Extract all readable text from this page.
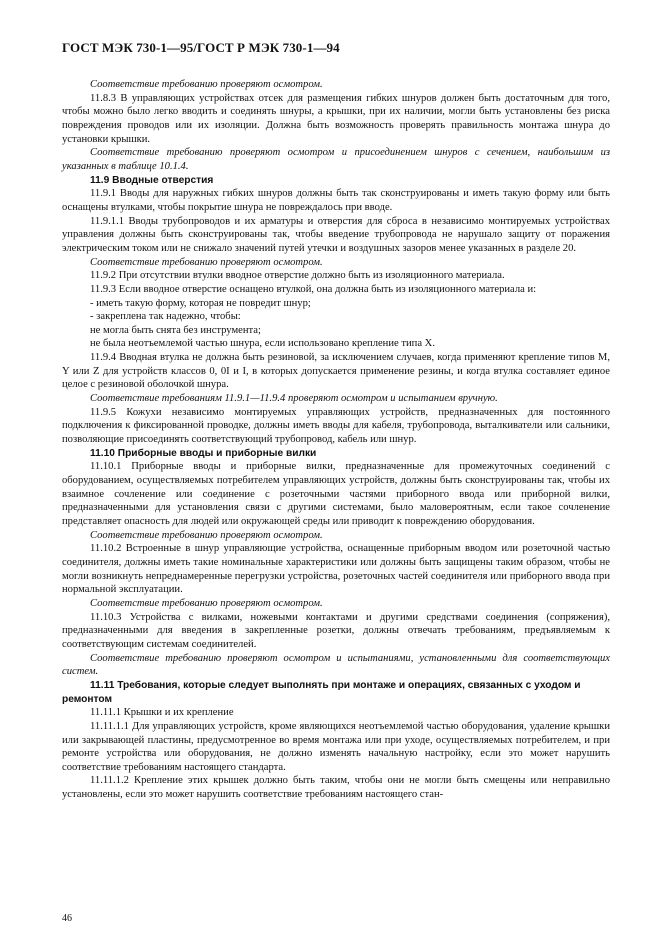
ГОСТ МЭК 730-1—95/ГОСТ Р МЭК 730-1—94

Соответствие требованию проверяют осмотром.

11.8.3 В управляющих устройствах отсек для размещения гибких шнуров должен быть достаточным для того, чтобы можно было легко вводить и соединять шнуры, а крышки, при их наличии, могли быть установлены без риска повреждения проводов или их изоляции. Должна быть возможность проверять правильность монтажа шнура до установки крышки.

Соответствие требованию проверяют осмотром и присоединением шнуров с сечением, наибольшим из указанных в таблице 10.1.4.

11.9 Вводные отверстия

11.9.1 Вводы для наружных гибких шнуров должны быть так сконструированы и иметь такую форму или быть оснащены втулками, чтобы покрытие шнура не повреждалось при вводе.

11.9.1.1 Вводы трубопроводов и их арматуры и отверстия для сброса в независимо монтируемых устройствах управления должны быть сконструированы так, чтобы введение трубопровода не нарушало защиту от поражения электрическим током или не снижало значений путей утечки и воздушных зазоров менее указанных в разделе 20.

Соответствие требованию проверяют осмотром.

11.9.2 При отсутствии втулки вводное отверстие должно быть из изоляционного материала.

11.9.3 Если вводное отверстие оснащено втулкой, она должна быть из изоляционного материала и:

- иметь такую форму, которая не повредит шнур;

- закреплена так надежно, чтобы:

не могла быть снята без инструмента;

не была неотъемлемой частью шнура, если использовано крепление типа X.

11.9.4 Вводная втулка не должна быть резиновой, за исключением случаев, когда применяют крепление типов M, Y или Z для устройств классов 0, 0I и I, в которых допускается применение резины, и когда втулка составляет единое целое с резиновой оболочкой шнура.

Соответствие требованиям 11.9.1—11.9.4 проверяют осмотром и испытанием вручную.

11.9.5 Кожухи независимо монтируемых управляющих устройств, предназначенных для постоянного подключения к фиксированной проводке, должны иметь вводы для кабеля, трубопровода, выталкиватели или сальники, позволяющие присоединять соответствующий трубопровод, кабель или шнур.

11.10 Приборные вводы и приборные вилки

11.10.1 Приборные вводы и приборные вилки, предназначенные для промежуточных соединений с оборудованием, осуществляемых потребителем управляющих устройств, должны быть сконструированы так, чтобы их взаимное сочленение или соединение с розеточными частями приборного ввода или приборной вилки, предназначенными для установления связи с другими системами, было маловероятным, если такое сочленение представляет опасность для людей или окружающей среды или приводит к повреждению оборудования.

Соответствие требованию проверяют осмотром.

11.10.2 Встроенные в шнур управляющие устройства, оснащенные приборным вводом или розеточной частью соединителя, должны иметь такие номинальные характеристики или должны быть защищены таким образом, чтобы не могли возникнуть непреднамеренные перегрузки устройства, розеточных частей соединителя или приборного ввода при нормальной эксплуатации.

Соответствие требованию проверяют осмотром.

11.10.3 Устройства с вилками, ножевыми контактами и другими средствами соединения (сопряжения), предназначенными для введения в закрепленные розетки, должны отвечать требованиям, предъявляемым к соответствующим системам соединителей.

Соответствие требованию проверяют осмотром и испытаниями, установленными для соответствующих систем.

11.11 Требования, которые следует выполнять при монтаже и операциях, связанных с уходом и ремонтом

11.11.1 Крышки и их крепление

11.11.1.1 Для управляющих устройств, кроме являющихся неотъемлемой частью оборудования, удаление крышки или закрывающей пластины, предусмотренное во время монтажа или при уходе, осуществляемых потребителем, и при ремонте устройства или оборудования, не должно изменять начальную настройку, если это может нарушить соответствие требованиям настоящего стандарта.

11.11.1.2 Крепление этих крышек должно быть таким, чтобы они не могли быть смещены или неправильно установлены, если это может нарушить соответствие требованиям настоящего стан-

46
